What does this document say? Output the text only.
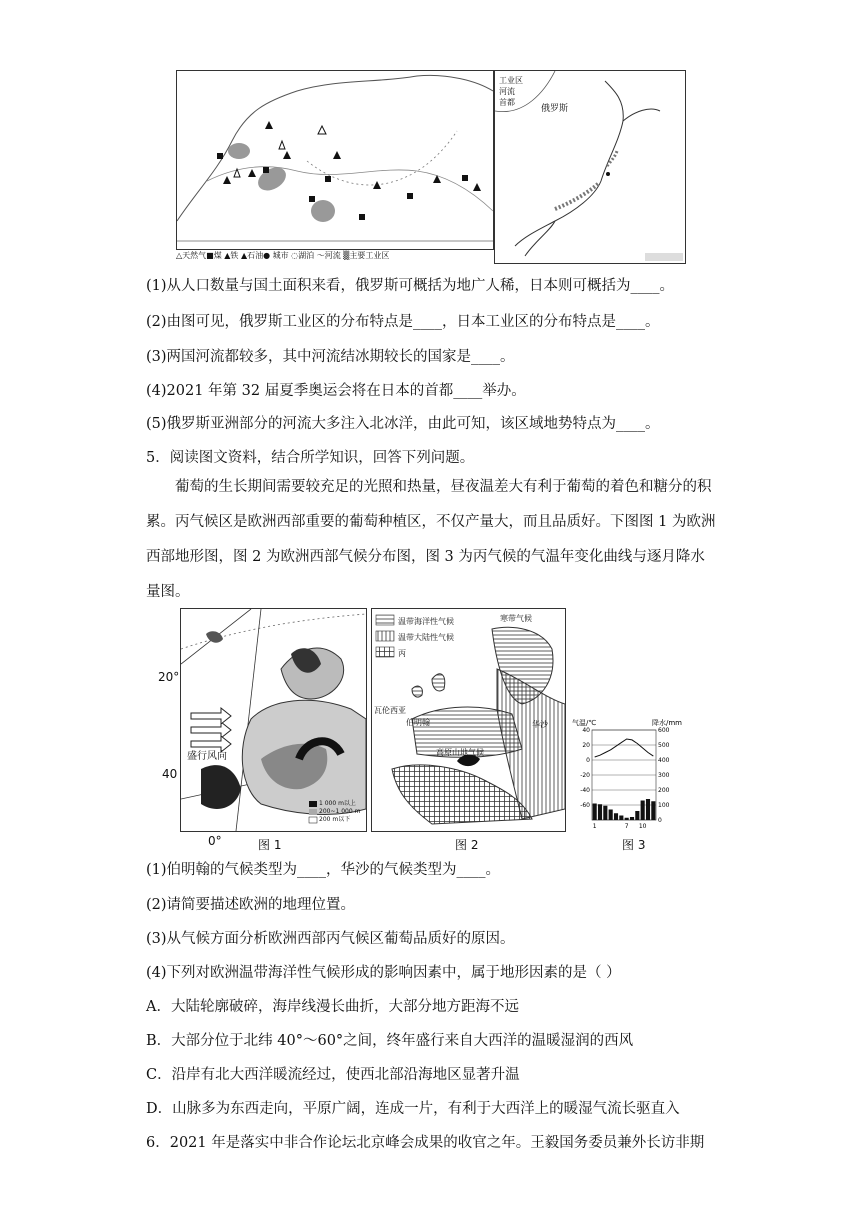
△天然气■煤 ▲铁 ▲石油● 城市 ◌湖泊 ～河流 ▒主要工业区
工业区
河流
首都
俄罗斯
(1)从人口数量与国土面积来看，俄罗斯可概括为地广人稀，日本则可概括为____。
(2)由图可见，俄罗斯工业区的分布特点是____，日本工业区的分布特点是____。
(3)两国河流都较多，其中河流结冰期较长的国家是____。
(4)2021 年第 32 届夏季奥运会将在日本的首都____举办。
(5)俄罗斯亚洲部分的河流大多注入北冰洋，由此可知，该区域地势特点为____。
5．阅读图文资料，结合所学知识，回答下列问题。
葡萄的生长期间需要较充足的光照和热量，昼夜温差大有利于葡萄的着色和糖分的积累。丙气候区是欧洲西部重要的葡萄种植区，不仅产量大，而且品质好。下图图 1 为欧洲西部地形图，图 2 为欧洲西部气候分布图，图 3 为丙气候的气温年变化曲线与逐月降水量图。
盛行风向
1 000 m以上
200~1 000 m
200 m以下
20°
40
0°	图 1
温带海洋性气候
温带大陆性气候
丙
寒带气候
华沙
伯明翰
瓦伦西亚
高原山地气候
图 2
气温/℃	降水/mm
40
20
0
-20
-40
-60
600
500
400
300
200
100
0
1	7 10
图 3
(1)伯明翰的气候类型为____，华沙的气候类型为____。
(2)请简要描述欧洲的地理位置。
(3)从气候方面分析欧洲西部丙气候区葡萄品质好的原因。
(4)下列对欧洲温带海洋性气候形成的影响因素中，属于地形因素的是（ ）
A．大陆轮廓破碎，海岸线漫长曲折，大部分地方距海不远
B．大部分位于北纬 40°～60°之间，终年盛行来自大西洋的温暖湿润的西风
C．沿岸有北大西洋暖流经过，使西北部沿海地区显著升温
D．山脉多为东西走向，平原广阔，连成一片，有利于大西洋上的暖湿气流长驱直入
6．2021 年是落实中非合作论坛北京峰会成果的收官之年。王毅国务委员兼外长访非期
